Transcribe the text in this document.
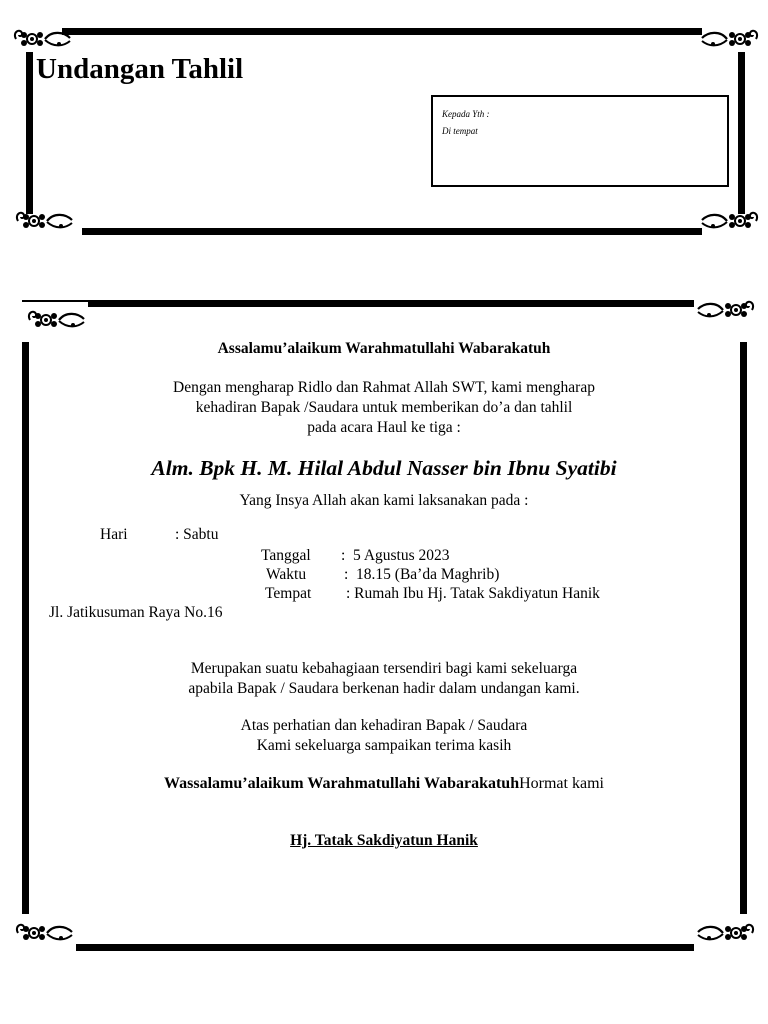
Undangan Tahlil
Kepada Yth :
Di tempat
Assalamu’alaikum Warahmatullahi Wabarakatuh
Dengan mengharap Ridlo dan Rahmat Allah SWT, kami mengharap
kehadiran Bapak /Saudara untuk memberikan do’a dan tahlil
pada acara Haul ke tiga :
Alm. Bpk H. M. Hilal Abdul Nasser bin Ibnu Syatibi
Yang Insya Allah akan kami laksanakan pada :
Hari	: Sabtu
Tanggal :  5 Agustus 2023
Waktu :  18.15 (Ba’da Maghrib)
Tempat : Rumah Ibu Hj. Tatak Sakdiyatun Hanik
Jl. Jatikusuman Raya No.16
Merupakan suatu kebahagiaan tersendiri bagi kami sekeluarga
apabila Bapak / Saudara berkenan hadir dalam undangan kami.
Atas perhatian dan kehadiran Bapak / Saudara
Kami sekeluarga sampaikan terima kasih
Wassalamu’alaikum Warahmatullahi WabarakatuhHormat kami
Hj. Tatak Sakdiyatun Hanik
